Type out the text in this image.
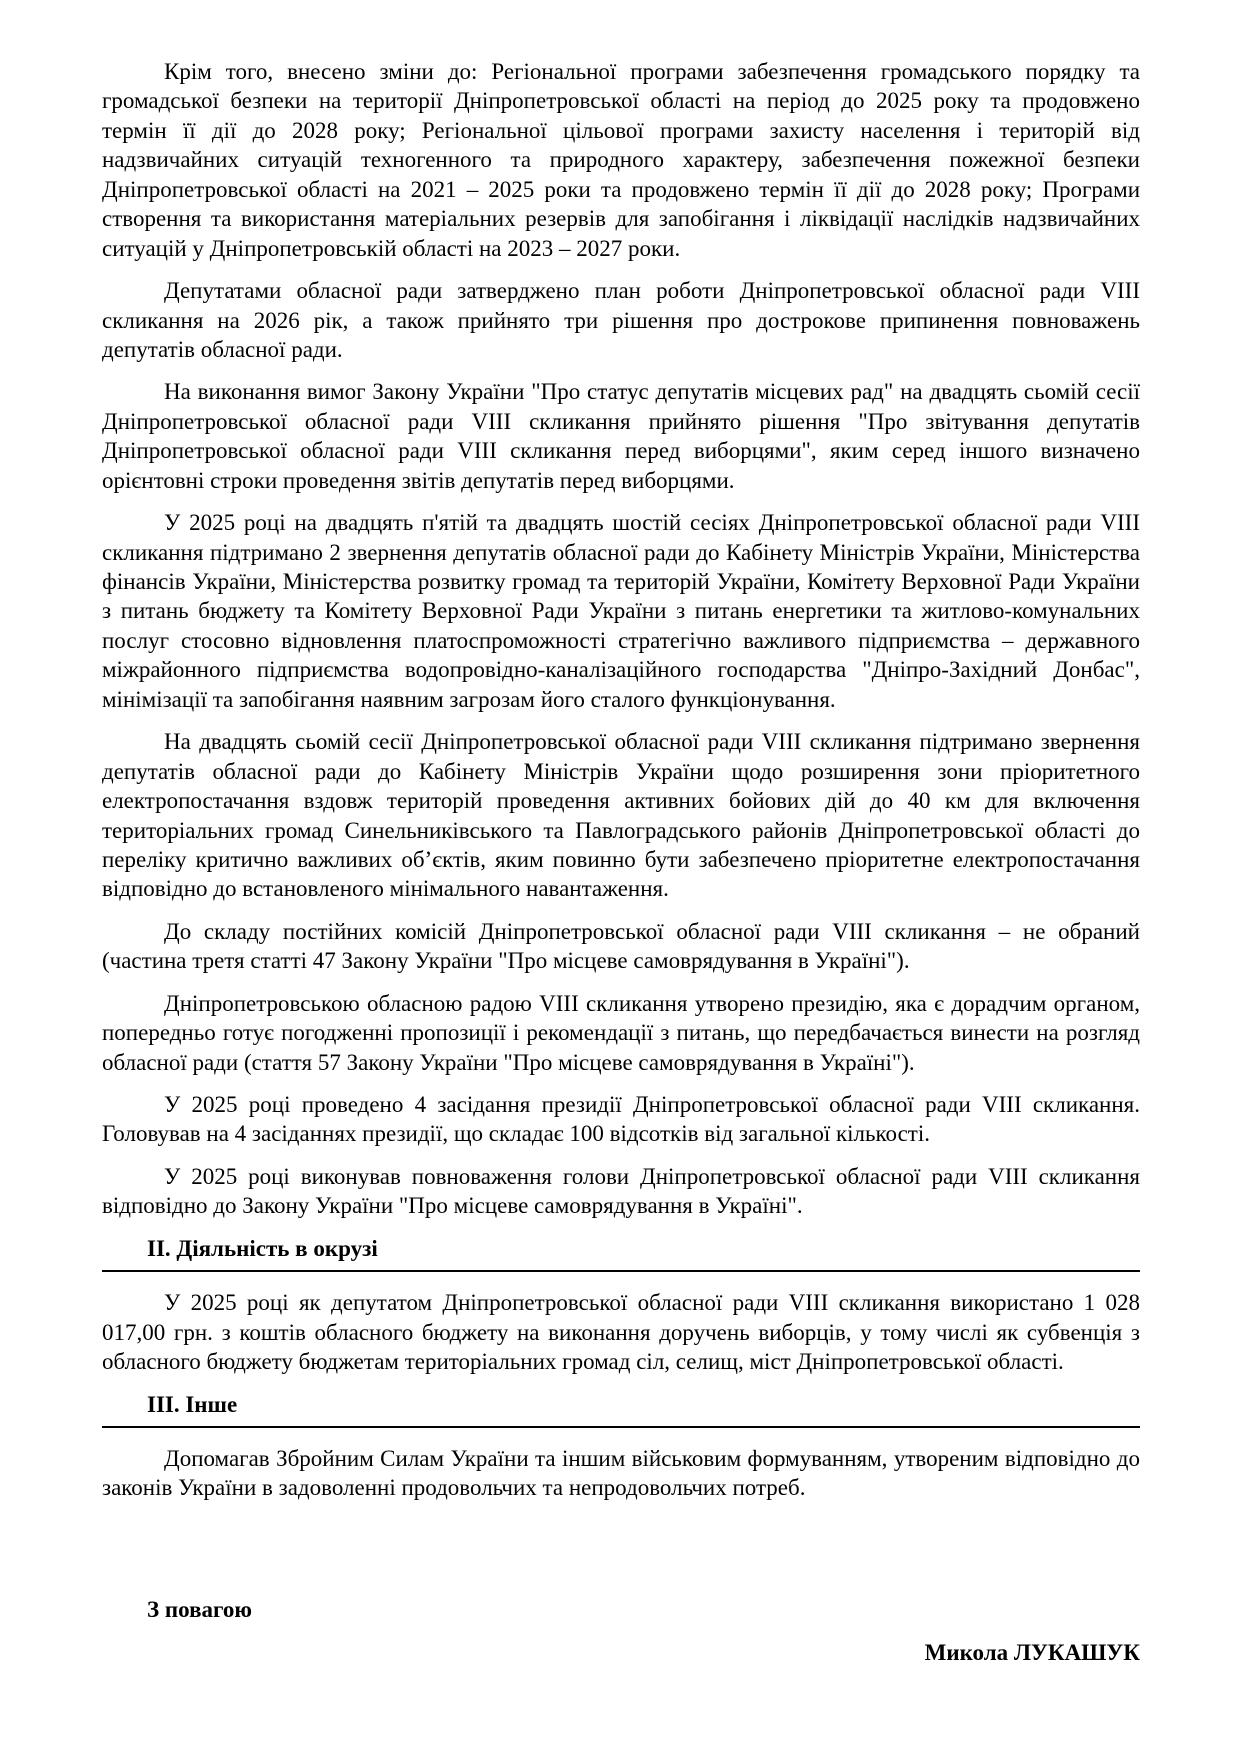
Крім того, внесено зміни до: Регіональної програми забезпечення громадського порядку та громадської безпеки на території Дніпропетровської області на період до 2025 року та продовжено термін її дії до 2028 року; Регіональної цільової програми захисту населення і територій від надзвичайних ситуацій техногенного та природного характеру, забезпечення пожежної безпеки Дніпропетровської області на 2021 – 2025 роки та продовжено термін її дії до 2028 року; Програми створення та використання матеріальних резервів для запобігання і ліквідації наслідків надзвичайних ситуацій у Дніпропетровській області на 2023 – 2027 роки.

Депутатами обласної ради затверджено план роботи Дніпропетровської обласної ради VIII скликання на 2026 рік, а також прийнято три рішення про дострокове припинення повноважень депутатів обласної ради.

На виконання вимог Закону України "Про статус депутатів місцевих рад" на двадцять сьомій сесії Дніпропетровської обласної ради VIII скликання прийнято рішення "Про звітування депутатів Дніпропетровської обласної ради VIII скликання перед виборцями", яким серед іншого визначено орієнтовні строки проведення звітів депутатів перед виборцями.

У 2025 році на двадцять п'ятій та двадцять шостій сесіях Дніпропетровської обласної ради VIII скликання підтримано 2 звернення депутатів обласної ради до Кабінету Міністрів України, Міністерства фінансів України, Міністерства розвитку громад та територій України, Комітету Верховної Ради України з питань бюджету та Комітету Верховної Ради України з питань енергетики та житлово-комунальних послуг стосовно відновлення платоспроможності стратегічно важливого підприємства – державного міжрайонного підприємства водопровідно-каналізаційного господарства "Дніпро-Західний Донбас", мінімізації та запобігання наявним загрозам його сталого функціонування.

На двадцять сьомій сесії Дніпропетровської обласної ради VIII скликання підтримано звернення депутатів обласної ради до Кабінету Міністрів України щодо розширення зони пріоритетного електропостачання вздовж територій проведення активних бойових дій до 40 км для включення територіальних громад Синельниківського та Павлоградського районів Дніпропетровської області до переліку критично важливих об’єктів, яким повинно бути забезпечено пріоритетне електропостачання відповідно до встановленого мінімального навантаження.

До складу постійних комісій Дніпропетровської обласної ради VIII скликання – не обраний (частина третя статті 47 Закону України "Про місцеве самоврядування в Україні").

Дніпропетровською обласною радою VIII скликання утворено президію, яка є дорадчим органом, попередньо готує погодженні пропозиції і рекомендації з питань, що передбачається винести на розгляд обласної ради (стаття 57 Закону України "Про місцеве самоврядування в Україні").

У 2025 році проведено 4 засідання президії Дніпропетровської обласної ради VIII скликання. Головував на 4 засіданнях президії, що складає 100 відсотків від загальної кількості.

У 2025 році виконував повноваження голови Дніпропетровської обласної ради VIII скликання відповідно до Закону України "Про місцеве самоврядування в Україні".

ІІ. Діяльність в окрузі

У 2025 році як депутатом Дніпропетровської обласної ради VIII скликання використано 1 028 017,00 грн. з коштів обласного бюджету на виконання доручень виборців, у тому числі як субвенція з обласного бюджету бюджетам територіальних громад сіл, селищ, міст Дніпропетровської області.

ІІІ. Інше

Допомагав Збройним Силам України та іншим військовим формуванням, утвореним відповідно до законів України в задоволенні продовольчих та непродовольчих потреб.

З повагою

Микола ЛУКАШУК
